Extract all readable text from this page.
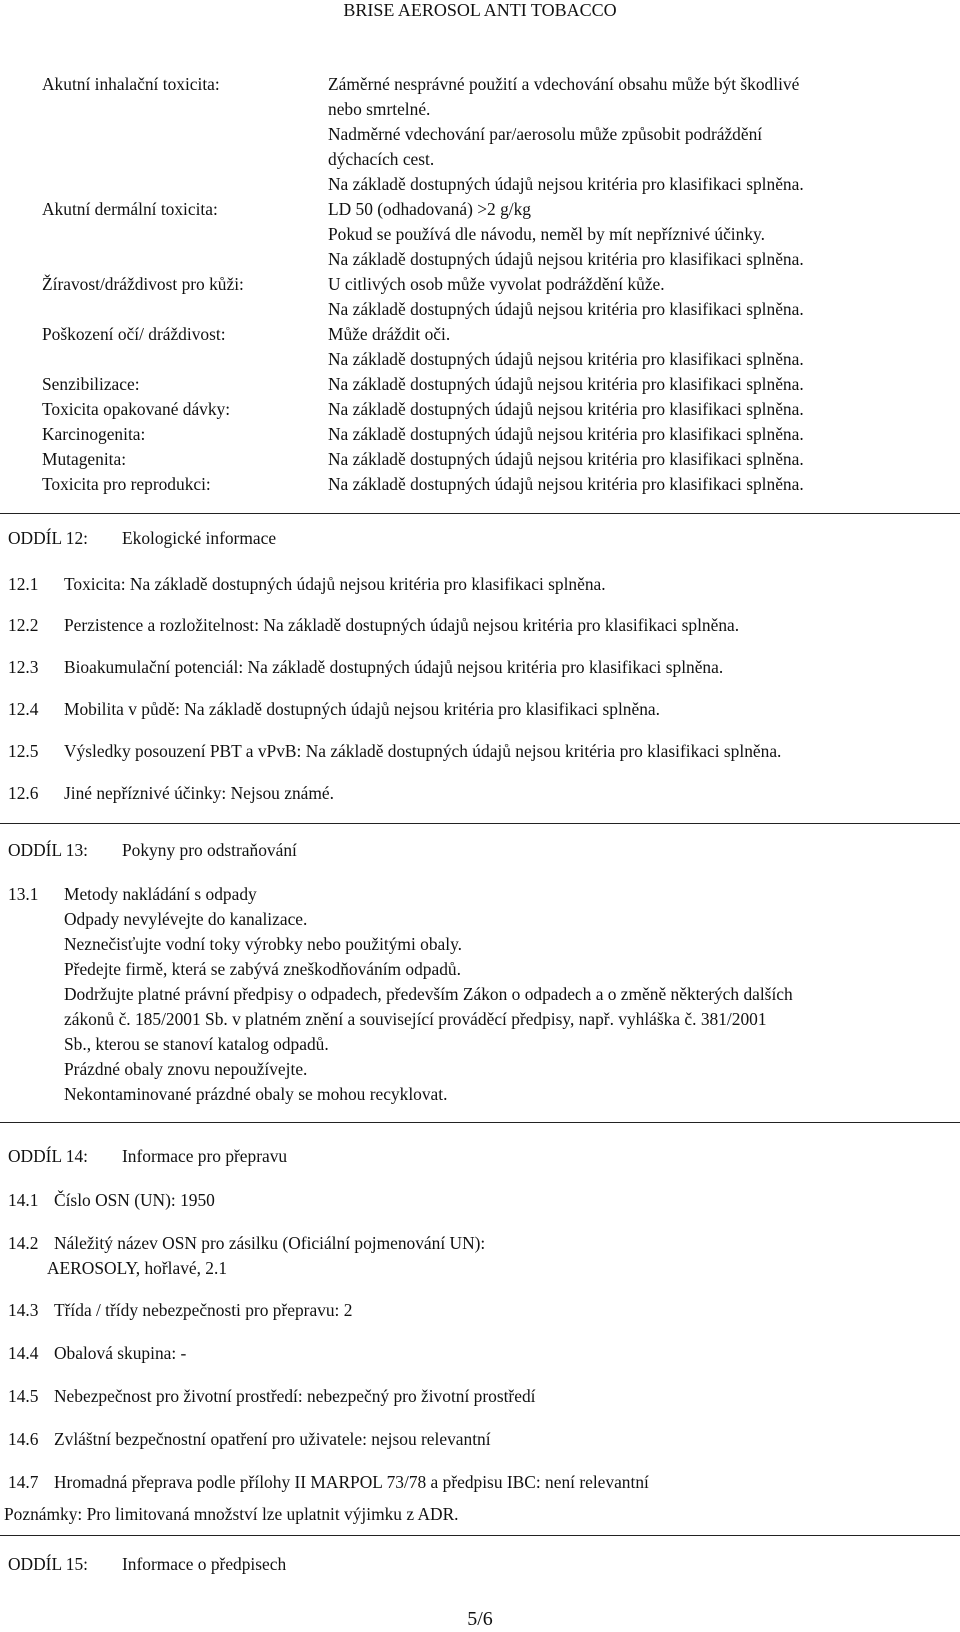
BRISE AEROSOL ANTI TOBACCO
Akutní inhalační toxicita:	Záměrné nesprávné použití a vdechování obsahu může být škodlivé
nebo smrtelné.
Nadměrné vdechování par/aerosolu může způsobit podráždění
dýchacích cest.
Na základě dostupných údajů nejsou kritéria pro klasifikaci splněna.
Akutní dermální toxicita:	LD 50 (odhadovaná) >2 g/kg
Pokud se používá dle návodu, neměl by mít nepříznivé účinky.
Na základě dostupných údajů nejsou kritéria pro klasifikaci splněna.
Žíravost/dráždivost pro kůži:	U citlivých osob může vyvolat podráždění kůže.
Na základě dostupných údajů nejsou kritéria pro klasifikaci splněna.
Poškození očí/ dráždivost:	Může dráždit oči.
Na základě dostupných údajů nejsou kritéria pro klasifikaci splněna.
Senzibilizace:	Na základě dostupných údajů nejsou kritéria pro klasifikaci splněna.
Toxicita opakované dávky:	Na základě dostupných údajů nejsou kritéria pro klasifikaci splněna.
Karcinogenita:	Na základě dostupných údajů nejsou kritéria pro klasifikaci splněna.
Mutagenita:	Na základě dostupných údajů nejsou kritéria pro klasifikaci splněna.
Toxicita pro reprodukci:	Na základě dostupných údajů nejsou kritéria pro klasifikaci splněna.
ODDÍL 12: Ekologické informace
12.1 Toxicita: Na základě dostupných údajů nejsou kritéria pro klasifikaci splněna.
12.2 Perzistence a rozložitelnost: Na základě dostupných údajů nejsou kritéria pro klasifikaci splněna.
12.3 Bioakumulační potenciál: Na základě dostupných údajů nejsou kritéria pro klasifikaci splněna.
12.4 Mobilita v půdě: Na základě dostupných údajů nejsou kritéria pro klasifikaci splněna.
12.5 Výsledky posouzení PBT a vPvB: Na základě dostupných údajů nejsou kritéria pro klasifikaci splněna.
12.6 Jiné nepříznivé účinky: Nejsou známé.
ODDÍL 13: Pokyny pro odstraňování
13.1 Metody nakládání s odpady
Odpady nevylévejte do kanalizace.
Neznečisťujte vodní toky výrobky nebo použitými obaly.
Předejte firmě, která se zabývá zneškodňováním odpadů.
Dodržujte platné právní předpisy o odpadech, především Zákon o odpadech a o změně některých dalších
zákonů č. 185/2001 Sb. v platném znění a související prováděcí předpisy, např. vyhláška č. 381/2001
Sb., kterou se stanoví katalog odpadů.
Prázdné obaly znovu nepoužívejte.
Nekontaminované prázdné obaly se mohou recyklovat.
ODDÍL 14: Informace pro přepravu
14.1 Číslo OSN (UN): 1950
14.2 Náležitý název OSN pro zásilku (Oficiální pojmenování UN):
AEROSOLY, hořlavé, 2.1
14.3 Třída / třídy nebezpečnosti pro přepravu: 2
14.4 Obalová skupina: -
14.5 Nebezpečnost pro životní prostředí: nebezpečný pro životní prostředí
14.6 Zvláštní bezpečnostní opatření pro uživatele: nejsou relevantní
14.7 Hromadná přeprava podle přílohy II MARPOL 73/78 a předpisu IBC: není relevantní
Poznámky: Pro limitovaná množství lze uplatnit výjimku z ADR.
ODDÍL 15: Informace o předpisech
5/6
